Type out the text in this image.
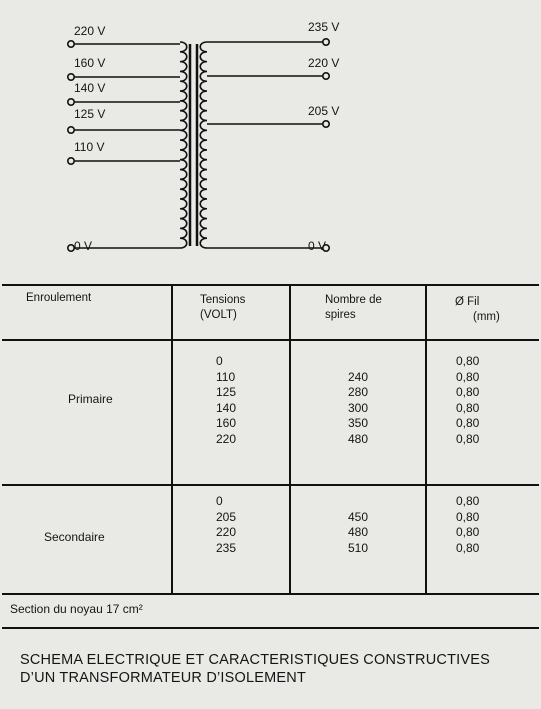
220 V
160 V
140 V
125 V
110 V
0 V
235 V
220 V
205 V
0 V
Enroulement	Tensions
(VOLT)
Nombre de
spires
Ø Fil
(mm)
Primaire
0
110
125
140
160
220
240
280
300
350
480
0,80
0,80
0,80
0,80
0,80
0,80
Secondaire
0
205
220
235
450
480
510
0,80
0,80
0,80
0,80
Section du noyau 17 cm²
SCHEMA ELECTRIQUE ET CARACTERISTIQUES CONSTRUCTIVES
D’UN TRANSFORMATEUR D’ISOLEMENT
